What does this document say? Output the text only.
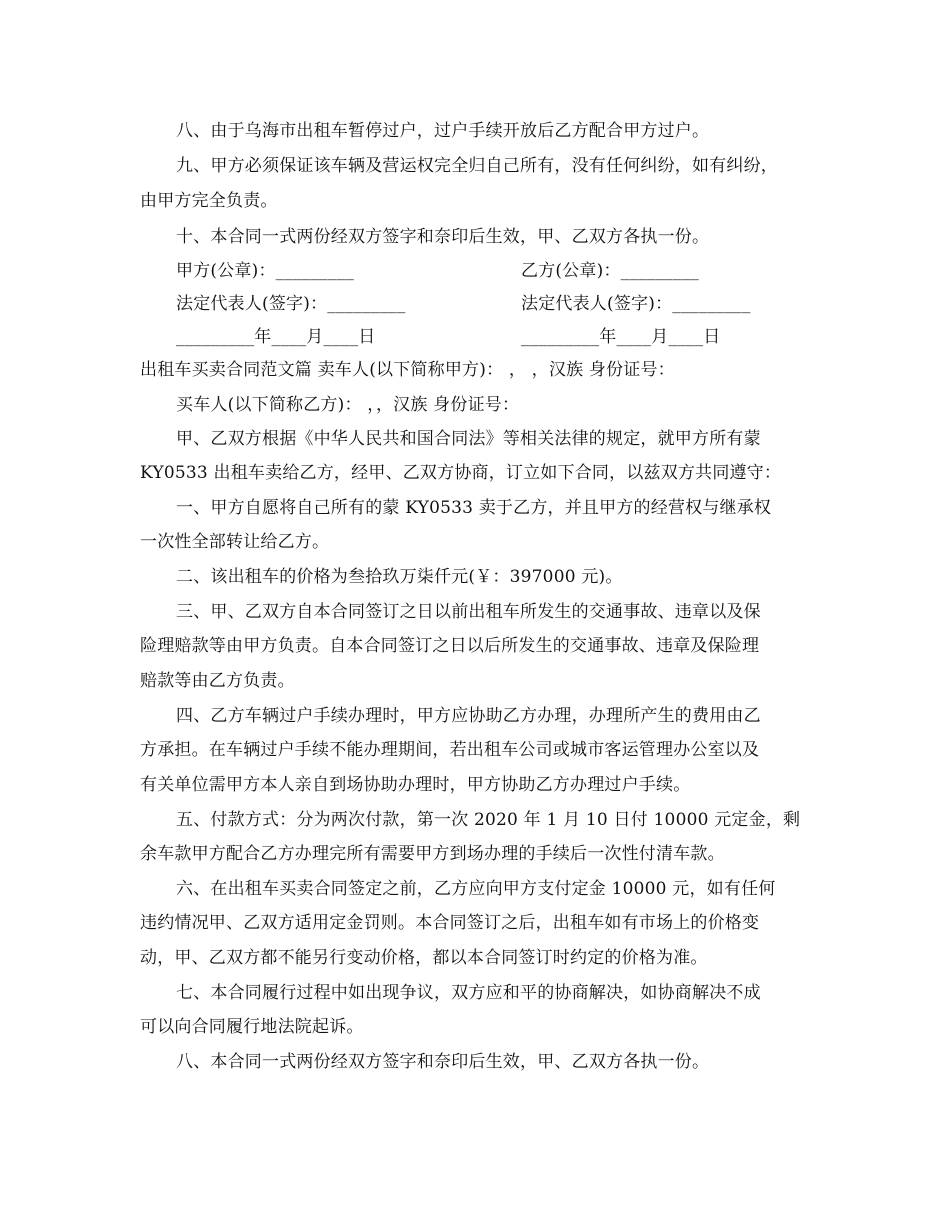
八、由于乌海市出租车暂停过户，过户手续开放后乙方配合甲方过户。
九、甲方必须保证该车辆及营运权完全归自己所有，没有任何纠纷，如有纠纷，
由甲方完全负责。
十、本合同一式两份经双方签字和奈印后生效，甲、乙双方各执一份。
甲方(公章)：_________	乙方(公章)：_________
法定代表人(签字)：_________	法定代表人(签字)：_________
_________年____月____日	_________年____月____日
出租车买卖合同范文篇 卖车人(以下简称甲方)： ， ，汉族 身份证号：
买车人(以下简称乙方)： ，，汉族 身份证号：
甲、乙双方根据《中华人民共和国合同法》等相关法律的规定，就甲方所有蒙
KY0533 出租车卖给乙方，经甲、乙双方协商，订立如下合同，以兹双方共同遵守：
一、甲方自愿将自己所有的蒙 KY0533 卖于乙方，并且甲方的经营权与继承权
一次性全部转让给乙方。
二、该出租车的价格为叁拾玖万柒仟元(￥：397000 元)。
三、甲、乙双方自本合同签订之日以前出租车所发生的交通事故、违章以及保
险理赔款等由甲方负责。自本合同签订之日以后所发生的交通事故、违章及保险理
赔款等由乙方负责。
四、乙方车辆过户手续办理时，甲方应协助乙方办理，办理所产生的费用由乙
方承担。在车辆过户手续不能办理期间，若出租车公司或城市客运管理办公室以及
有关单位需甲方本人亲自到场协助办理时，甲方协助乙方办理过户手续。
五、付款方式：分为两次付款，第一次 2020 年 1 月 10 日付 10000 元定金，剩
余车款甲方配合乙方办理完所有需要甲方到场办理的手续后一次性付清车款。
六、在出租车买卖合同签定之前，乙方应向甲方支付定金 10000 元，如有任何
违约情况甲、乙双方适用定金罚则。本合同签订之后，出租车如有市场上的价格变
动，甲、乙双方都不能另行变动价格，都以本合同签订时约定的价格为准。
七、本合同履行过程中如出现争议，双方应和平的协商解决，如协商解决不成
可以向合同履行地法院起诉。
八、本合同一式两份经双方签字和奈印后生效，甲、乙双方各执一份。
